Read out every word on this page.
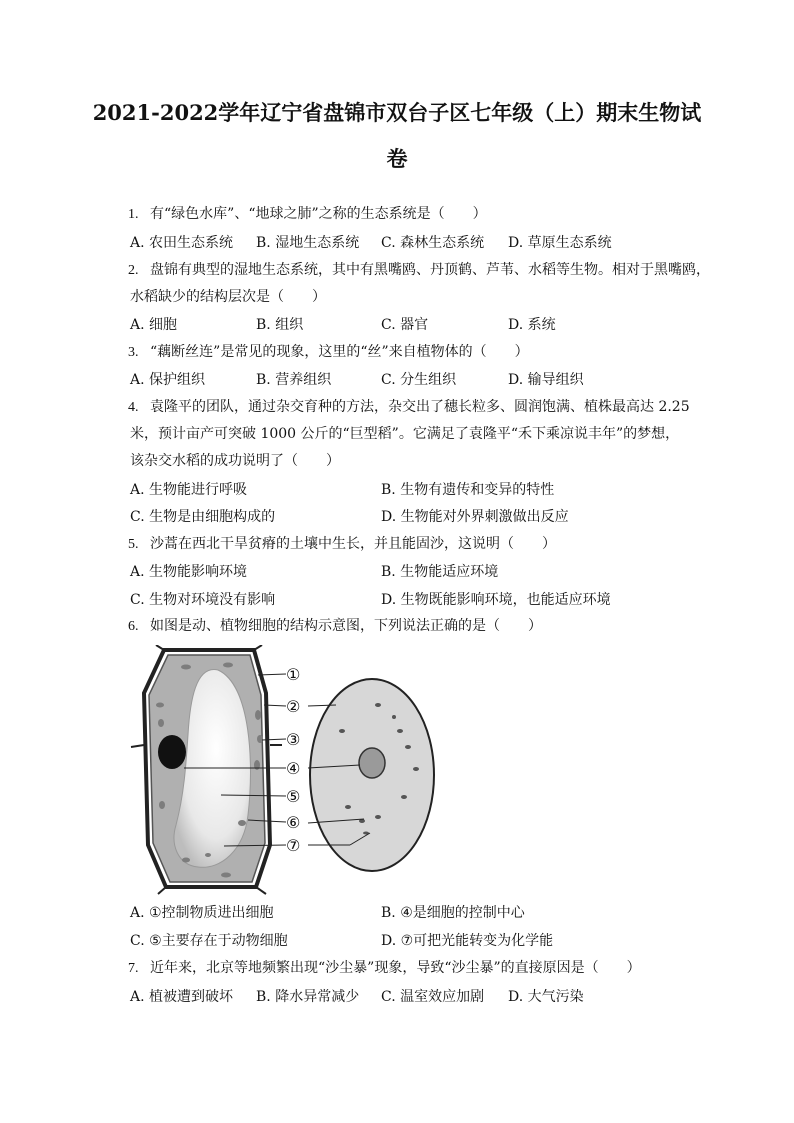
2021-2022学年辽宁省盘锦市双台子区七年级（上）期末生物试
卷
1. 有“绿色水库”、“地球之肺”之称的生态系统是（　　）
A. 农田生态系统 B. 湿地生态系统 C. 森林生态系统 D. 草原生态系统
2. 盘锦有典型的湿地生态系统，其中有黑嘴鸥、丹顶鹤、芦苇、水稻等生物。相对于黑嘴鸥，
水稻缺少的结构层次是（　　）
A. 细胞	B. 组织	C. 器官	D. 系统
3. “藕断丝连”是常见的现象，这里的“丝”来自植物体的（　　）
A. 保护组织	B. 营养组织	C. 分生组织	D. 输导组织
4. 袁隆平的团队，通过杂交育种的方法，杂交出了穗长粒多、圆润饱满、植株最高达 2.25
米，预计亩产可突破 1000 公斤的“巨型稻”。它满足了袁隆平“禾下乘凉说丰年”的梦想，
该杂交水稻的成功说明了（　　）
A. 生物能进行呼吸	B. 生物有遗传和变异的特性
C. 生物是由细胞构成的	D. 生物能对外界刺激做出反应
5. 沙蒿在西北干旱贫瘠的土壤中生长，并且能固沙，这说明（　　）
A. 生物能影响环境	B. 生物能适应环境
C. 生物对环境没有影响	D. 生物既能影响环境，也能适应环境
6. 如图是动、植物细胞的结构示意图，下列说法正确的是（　　）
①
②
③
④
⑤
⑥
⑦
A. ①控制物质进出细胞	B. ④是细胞的控制中心
C. ⑤主要存在于动物细胞	D. ⑦可把光能转变为化学能
7. 近年来，北京等地频繁出现“沙尘暴”现象，导致“沙尘暴”的直接原因是（　　）
A. 植被遭到破坏 B. 降水异常减少 C. 温室效应加剧 D. 大气污染
